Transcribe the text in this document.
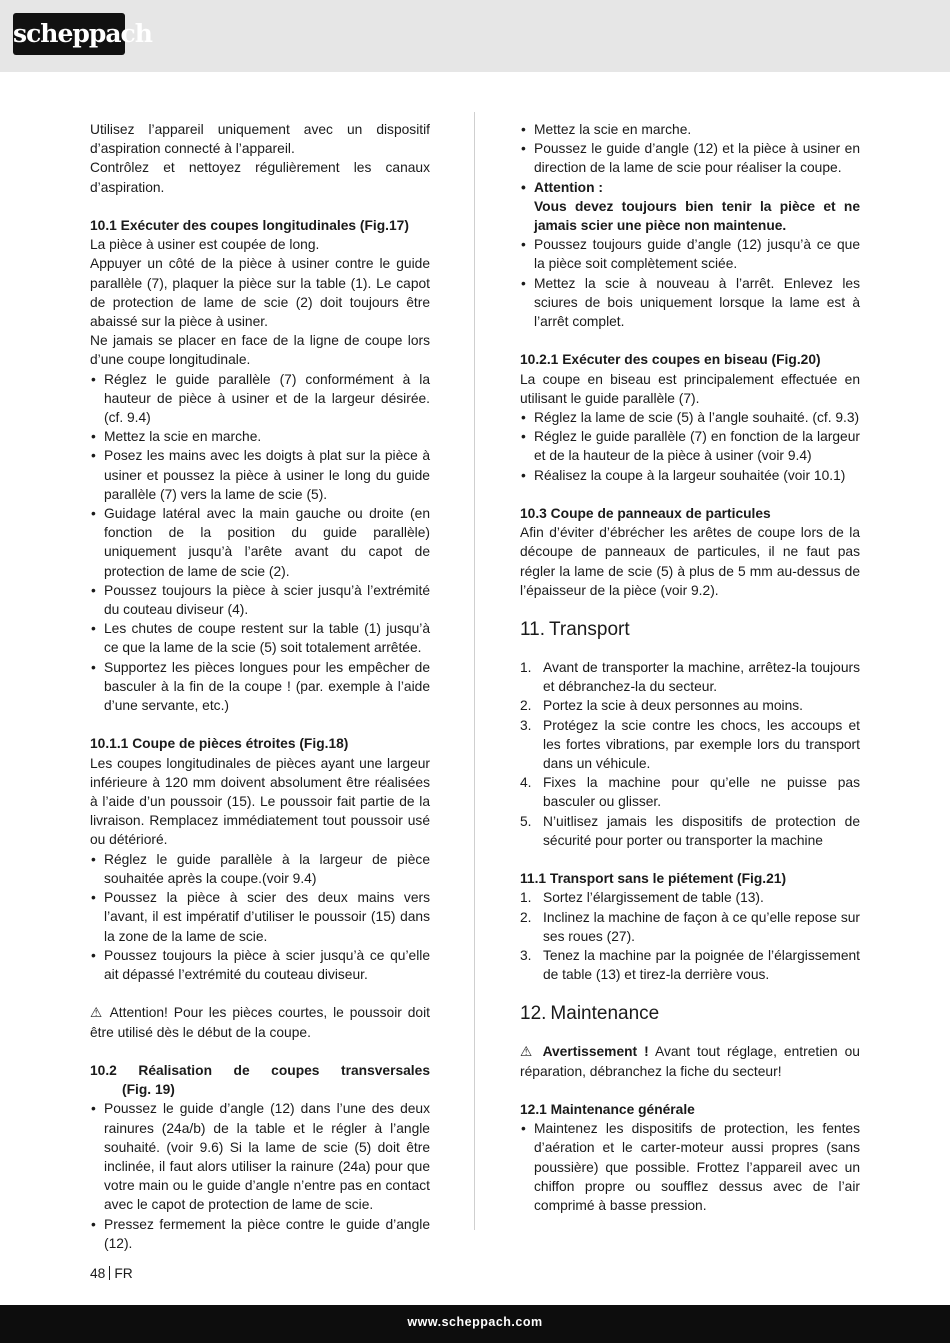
scheppach

Utilisez l’appareil uniquement avec un dispositif d’aspiration connecté à l’appareil.

Contrôlez et nettoyez régulièrement les canaux d’aspiration.

10.1 Exécuter des coupes longitudinales (Fig.17)

La pièce à usiner est coupée de long.

Appuyer un côté de la pièce à usiner contre le guide parallèle (7), plaquer la pièce sur la table (1). Le capot de protection de lame de scie (2) doit toujours être abaissé sur la pièce à usiner.

Ne jamais se placer en face de la ligne de coupe lors d’une coupe longitudinale.

• Réglez le guide parallèle (7) conformément à la hauteur de pièce à usiner et de la largeur désirée. (cf. 9.4)
• Mettez la scie en marche.
• Posez les mains avec les doigts à plat sur la pièce à usiner et poussez la pièce à usiner le long du guide parallèle (7) vers la lame de scie (5).
• Guidage latéral avec la main gauche ou droite (en fonction de la position du guide parallèle) uniquement jusqu’à l’arête avant du capot de protection de lame de scie (2).
• Poussez toujours la pièce à scier jusqu’à l’extrémité du couteau diviseur (4).
• Les chutes de coupe restent sur la table (1) jusqu’à ce que la lame de la scie (5) soit totalement arrêtée.
• Supportez les pièces longues pour les empêcher de basculer à la fin de la coupe ! (par. exemple à l’aide d’une servante, etc.)

10.1.1 Coupe de pièces étroites (Fig.18)

Les coupes longitudinales de pièces ayant une largeur inférieure à 120 mm doivent absolument être réalisées à l’aide d’un poussoir (15). Le poussoir fait partie de la livraison. Remplacez immédiatement tout poussoir usé ou détérioré.

• Réglez le guide parallèle à la largeur de pièce souhaitée après la coupe.(voir 9.4)
• Poussez la pièce à scier des deux mains vers l’avant, il est impératif d’utiliser le poussoir (15) dans la zone de la lame de scie.
• Poussez toujours la pièce à scier jusqu’à ce qu’elle ait dépassé l’extrémité du couteau diviseur.

⚠ Attention! Pour les pièces courtes, le poussoir doit être utilisé dès le début de la coupe.

10.2 Réalisation de coupes transversales

(Fig. 19)

• Poussez le guide d’angle (12) dans l’une des deux rainures (24a/b) de la table et le régler à l’angle souhaité. (voir 9.6) Si la lame de scie (5) doit être inclinée, il faut alors utiliser la rainure (24a) pour que votre main ou le guide d’angle n’entre pas en contact avec le capot de protection de lame de scie.
• Pressez fermement la pièce contre le guide d’angle (12).
• Mettez la scie en marche.
• Poussez le guide d’angle (12) et la pièce à usiner en direction de la lame de scie pour réaliser la coupe.
• Attention :
Vous devez toujours bien tenir la pièce et ne jamais scier une pièce non maintenue.
• Poussez toujours guide d’angle (12) jusqu’à ce que la pièce soit complètement sciée.
• Mettez la scie à nouveau à l’arrêt. Enlevez les sciures de bois uniquement lorsque la lame est à l’arrêt complet.

10.2.1 Exécuter des coupes en biseau (Fig.20)

La coupe en biseau est principalement effectuée en utilisant le guide parallèle (7).

• Réglez la lame de scie (5) à l’angle souhaité. (cf. 9.3)
• Réglez le guide parallèle (7) en fonction de la largeur et de la hauteur de la pièce à usiner (voir 9.4)
• Réalisez la coupe à la largeur souhaitée (voir 10.1)

10.3 Coupe de panneaux de particules

Afin d’éviter d’ébrécher les arêtes de coupe lors de la découpe de panneaux de particules, il ne faut pas régler la lame de scie (5) à plus de 5 mm au-dessus de l’épaisseur de la pièce (voir 9.2).

11. Transport
1. Avant de transporter la machine, arrêtez-la toujours et débranchez-la du secteur.
2. Portez la scie à deux personnes au moins.
3. Protégez la scie contre les chocs, les accoups et les fortes vibrations, par exemple lors du transport dans un véhicule.
4. Fixes la machine pour qu’elle ne puisse pas basculer ou glisser.
5. N’uitlisez jamais les dispositifs de protection de sécurité pour porter ou transporter la machine

11.1 Transport sans le piétement (Fig.21)

1. Sortez l’élargissement de table (13).
2. Inclinez la machine de façon à ce qu’elle repose sur ses roues (27).
3. Tenez la machine par la poignée de l’élargissement de table (13) et tirez-la derrière vous.
12. Maintenance

⚠ Avertissement ! Avant tout réglage, entretien ou réparation, débranchez la fiche du secteur!

12.1 Maintenance générale

• Maintenez les dispositifs de protection, les fentes d’aération et le carter-moteur aussi propres (sans poussière) que possible. Frottez l’appareil avec un chiffon propre ou soufflez dessus avec de l’air comprimé à basse pression.
48 FR
www.scheppach.com
